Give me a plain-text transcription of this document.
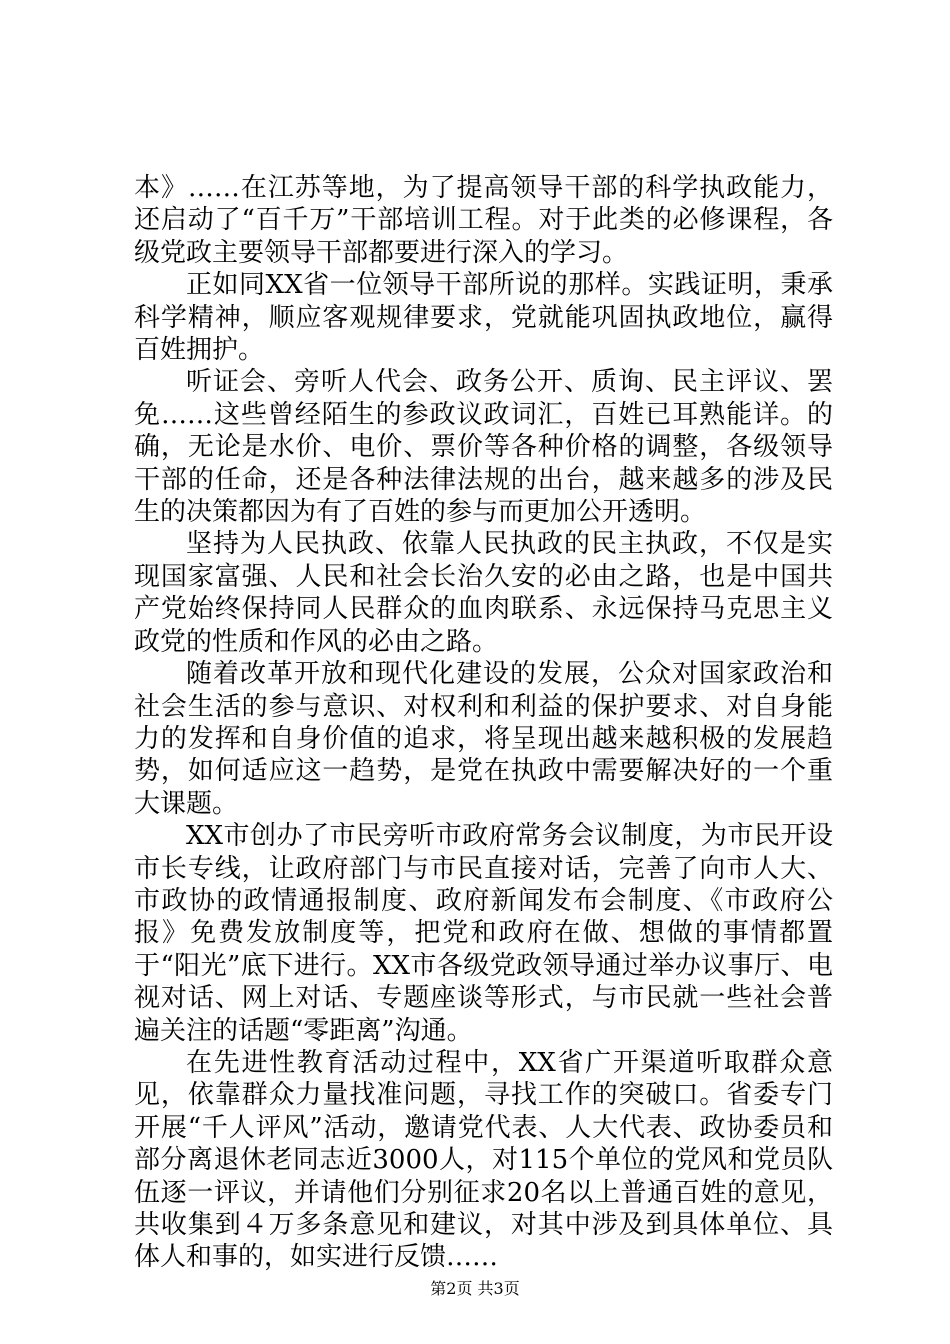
本》……在江苏等地，为了提高领导干部的科学执政能力，还启动了“百千万”干部培训工程。对于此类的必修课程，各级党政主要领导干部都要进行深入的学习。

正如同XX省一位领导干部所说的那样。实践证明，秉承科学精神，顺应客观规律要求，党就能巩固执政地位，赢得百姓拥护。

听证会、旁听人代会、政务公开、质询、民主评议、罢免……这些曾经陌生的参政议政词汇，百姓已耳熟能详。的确，无论是水价、电价、票价等各种价格的调整，各级领导干部的任命，还是各种法律法规的出台，越来越多的涉及民生的决策都因为有了百姓的参与而更加公开透明。

坚持为人民执政、依靠人民执政的民主执政，不仅是实现国家富强、人民和社会长治久安的必由之路，也是中国共产党始终保持同人民群众的血肉联系、永远保持马克思主义政党的性质和作风的必由之路。

随着改革开放和现代化建设的发展，公众对国家政治和社会生活的参与意识、对权利和利益的保护要求、对自身能力的发挥和自身价值的追求，将呈现出越来越积极的发展趋势，如何适应这一趋势，是党在执政中需要解决好的一个重大课题。

XX市创办了市民旁听市政府常务会议制度，为市民开设市长专线，让政府部门与市民直接对话，完善了向市人大、市政协的政情通报制度、政府新闻发布会制度、《市政府公报》免费发放制度等，把党和政府在做、想做的事情都置于“阳光”底下进行。XX市各级党政领导通过举办议事厅、电视对话、网上对话、专题座谈等形式，与市民就一些社会普遍关注的话题“零距离”沟通。

在先进性教育活动过程中，XX省广开渠道听取群众意见，依靠群众力量找准问题，寻找工作的突破口。省委专门开展“千人评风”活动，邀请党代表、人大代表、政协委员和部分离退休老同志近3000人，对115个单位的党风和党员队伍逐一评议，并请他们分别征求20名以上普通百姓的意见，共收集到４万多条意见和建议，对其中涉及到具体单位、具体人和事的，如实进行反馈……

第2页 共3页
